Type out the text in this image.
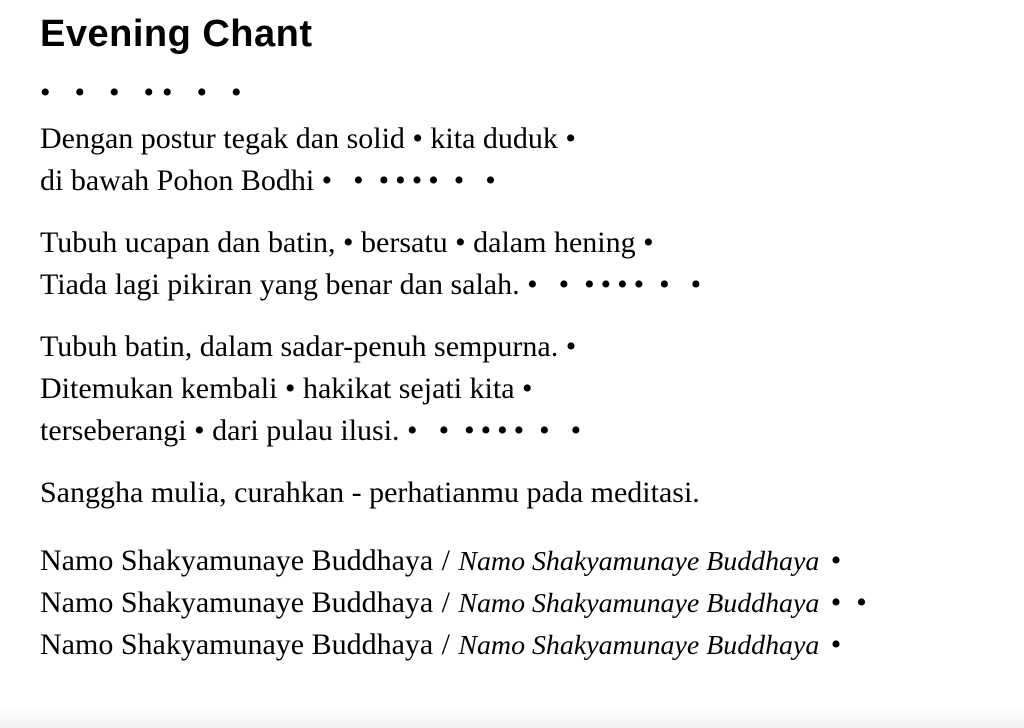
Evening Chant
•  •  •  • •  •  •

Dengan postur tegak dan solid • kita duduk •
di bawah Pohon Bodhi •  • • • • • •  •

Tubuh ucapan dan batin, • bersatu • dalam hening •
Tiada lagi pikiran yang benar dan salah. •  • • • • • •  •

Tubuh batin, dalam sadar-penuh sempurna. •
Ditemukan kembali • hakikat sejati kita •
terseberangi • dari pulau ilusi. •  • • • • • •  •

Sanggha mulia, curahkan - perhatianmu pada meditasi.

Namo Shakyamunaye Buddhaya / Namo Shakyamunaye Buddhaya •
Namo Shakyamunaye Buddhaya / Namo Shakyamunaye Buddhaya • •
Namo Shakyamunaye Buddhaya / Namo Shakyamunaye Buddhaya •
